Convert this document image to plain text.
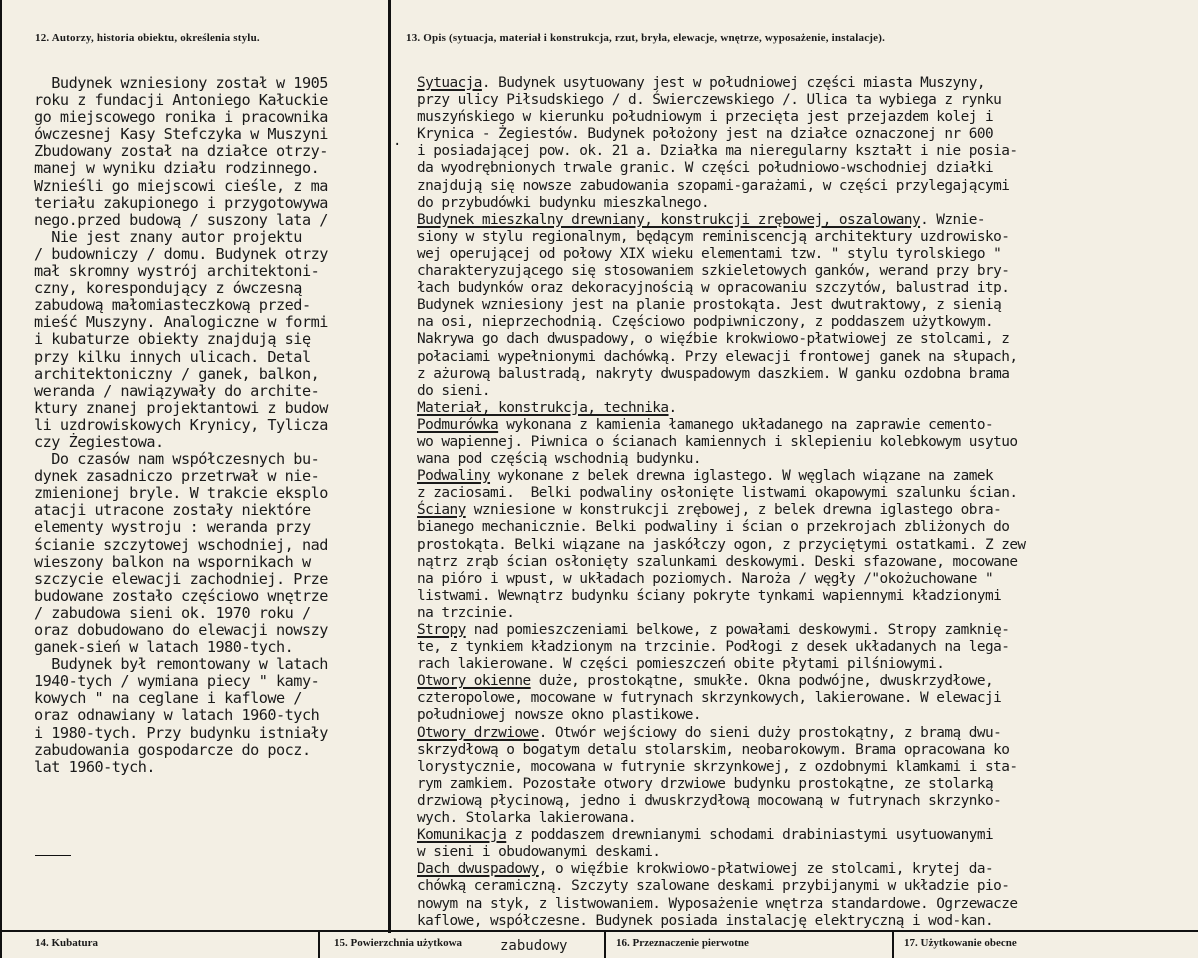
12. Autorzy, historia obiektu, określenia stylu.	13. Opis (sytuacja, materiał i konstrukcja, rzut, bryła, elewacje, wnętrze, wyposażenie, instalacje).
Budynek wzniesiony został w 1905
roku z fundacji Antoniego Kałuckie
go miejscowego ronika i pracownika
ówczesnej Kasy Stefczyka w Muszyni
Zbudowany został na działce otrzy-
manej w wyniku działu rodzinnego.
Wznieśli go miejscowi cieśle, z ma
teriału zakupionego i przygotowywa
nego.przed budową / suszony lata /
Nie jest znany autor projektu
/ budowniczy / domu. Budynek otrzy
mał skromny wystrój architektoni-
czny, korespondujący z ówczesną
zabudową małomiasteczkową przed-
mieść Muszyny. Analogiczne w formi
i kubaturze obiekty znajdują się
przy kilku innych ulicach. Detal
architektoniczny / ganek, balkon,
weranda / nawiązywały do archite-
ktury znanej projektantowi z budow
li uzdrowiskowych Krynicy, Tylicza
czy Żegiestowa.
Do czasów nam współczesnych bu-
dynek zasadniczo przetrwał w nie-
zmienionej bryle. W trakcie eksplo
atacji utracone zostały niektóre
elementy wystroju : weranda przy
ścianie szczytowej wschodniej, nad
wieszony balkon na wspornikach w
szczycie elewacji zachodniej. Prze
budowane zostało częściowo wnętrze
/ zabudowa sieni ok. 1970 roku /
oraz dobudowano do elewacji nowszy
ganek-sień w latach 1980-tych.
Budynek był remontowany w latach
1940-tych / wymiana piecy " kamy-
kowych " na ceglane i kaflowe /
oraz odnawiany w latach 1960-tych
i 1980-tych. Przy budynku istniały
zabudowania gospodarcze do pocz.
lat 1960-tych.
.
Sytuacja. Budynek usytuowany jest w południowej części miasta Muszyny,
przy ulicy Piłsudskiego / d. Świerczewskiego /. Ulica ta wybiega z rynku
muszyńskiego w kierunku południowym i przecięta jest przejazdem kolej i
Krynica - Żegiestów. Budynek położony jest na działce oznaczonej nr 600
i posiadającej pow. ok. 21 a. Działka ma nieregularny kształt i nie posia-
da wyodrębnionych trwale granic. W części południowo-wschodniej działki
znajdują się nowsze zabudowania szopami-garażami, w części przylegającymi
do przybudówki budynku mieszkalnego.
Budynek mieszkalny drewniany, konstrukcji zrębowej, oszalowany. Wznie-
siony w stylu regionalnym, będącym reminiscencją architektury uzdrowisko-
wej operującej od połowy XIX wieku elementami tzw. " stylu tyrolskiego "
charakteryzującego się stosowaniem szkieletowych ganków, werand przy bry-
łach budynków oraz dekoracyjnością w opracowaniu szczytów, balustrad itp.
Budynek wzniesiony jest na planie prostokąta. Jest dwutraktowy, z sienią
na osi, nieprzechodnią. Częściowo podpiwniczony, z poddaszem użytkowym.
Nakrywa go dach dwuspadowy, o więźbie krokwiowo-płatwiowej ze stolcami, z
połaciami wypełnionymi dachówką. Przy elewacji frontowej ganek na słupach,
z ażurową balustradą, nakryty dwuspadowym daszkiem. W ganku ozdobna brama
do sieni.
Materiał, konstrukcja, technika.
Podmurówka wykonana z kamienia łamanego układanego na zaprawie cemento-
wo wapiennej. Piwnica o ścianach kamiennych i sklepieniu kolebkowym usytuo
wana pod częścią wschodnią budynku.
Podwaliny wykonane z belek drewna iglastego. W węglach wiązane na zamek
z zaciosami.  Belki podwaliny osłonięte listwami okapowymi szalunku ścian.
Ściany wzniesione w konstrukcji zrębowej, z belek drewna iglastego obra-
bianego mechanicznie. Belki podwaliny i ścian o przekrojach zbliżonych do
prostokąta. Belki wiązane na jaskółczy ogon, z przyciętymi ostatkami. Z zew
nątrz zrąb ścian osłonięty szalunkami deskowymi. Deski sfazowane, mocowane
na pióro i wpust, w układach poziomych. Naroża / węgły /"okożuchowane "
listwami. Wewnątrz budynku ściany pokryte tynkami wapiennymi kładzionymi
na trzcinie.
Stropy nad pomieszczeniami belkowe, z powałami deskowymi. Stropy zamknię-
te, z tynkiem kładzionym na trzcinie. Podłogi z desek układanych na lega-
rach lakierowane. W części pomieszczeń obite płytami pilśniowymi.
Otwory okienne duże, prostokątne, smukłe. Okna podwójne, dwuskrzydłowe,
czteropolowe, mocowane w futrynach skrzynkowych, lakierowane. W elewacji
południowej nowsze okno plastikowe.
Otwory drzwiowe. Otwór wejściowy do sieni duży prostokątny, z bramą dwu-
skrzydłową o bogatym detalu stolarskim, neobarokowym. Brama opracowana ko
lorystycznie, mocowana w futrynie skrzynkowej, z ozdobnymi klamkami i sta-
rym zamkiem. Pozostałe otwory drzwiowe budynku prostokątne, ze stolarką
drzwiową płycinową, jedno i dwuskrzydłową mocowaną w futrynach skrzynko-
wych. Stolarka lakierowana.
Komunikacja z poddaszem drewnianymi schodami drabiniastymi usytuowanymi
w sieni i obudowanymi deskami.
Dach dwuspadowy, o więźbie krokwiowo-płatwiowej ze stolcami, krytej da-
chówką ceramiczną. Szczyty szalowane deskami przybijanymi w układzie pio-
nowym na styk, z listwowaniem. Wyposażenie wnętrza standardowe. Ogrzewacze
kaflowe, współczesne. Budynek posiada instalację elektryczną i wod-kan.
14. Kubatura	15. Powierzchnia użytkowa	zabudowy	16. Przeznaczenie pierwotne	17. Użytkowanie obecne
